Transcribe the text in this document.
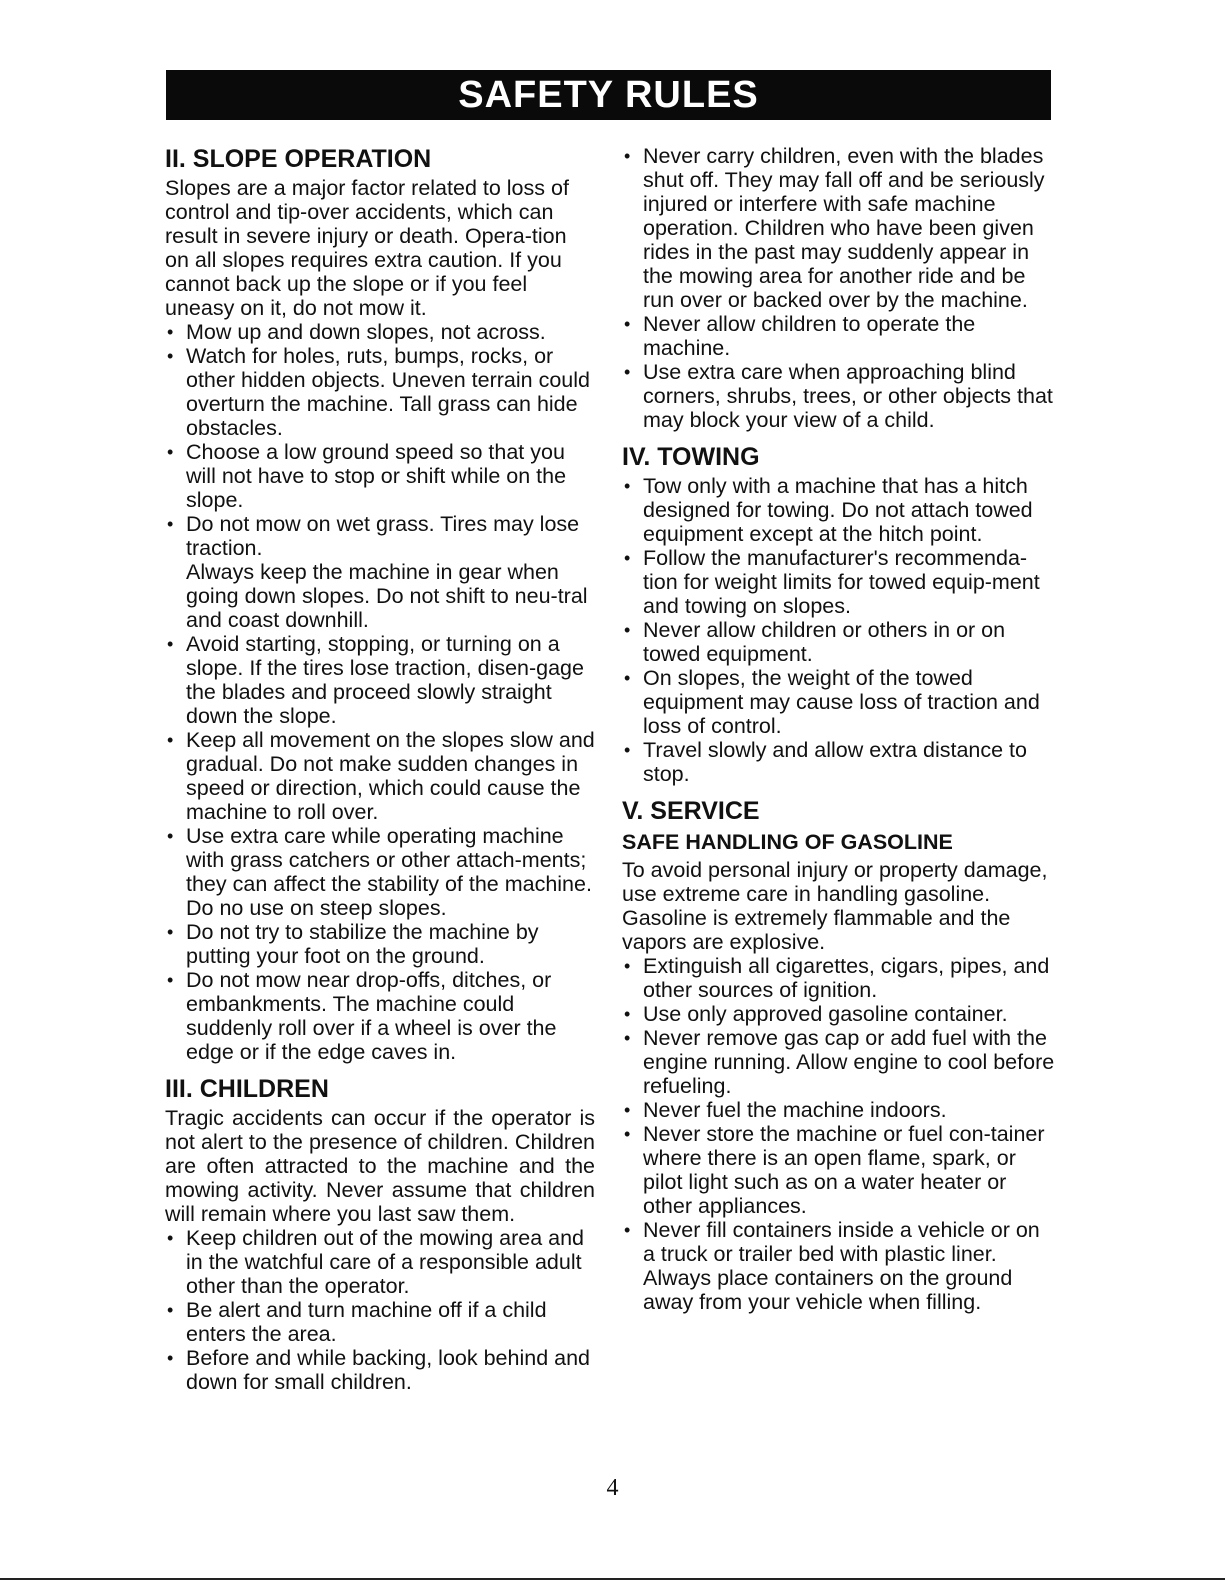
SAFETY RULES
II. SLOPE OPERATION

Slopes are a major factor related to loss of control and tip-over accidents, which can result in severe injury or death. Opera-tion on all slopes requires extra caution. If you cannot back up the slope or if you feel uneasy on it, do not mow it.

• Mow up and down slopes, not across.
• Watch for holes, ruts, bumps, rocks, or other hidden objects. Uneven terrain could overturn the machine. Tall grass can hide obstacles.
• Choose a low ground speed so that you will not have to stop or shift while on the slope.
• Do not mow on wet grass. Tires may lose traction.
Always keep the machine in gear when going down slopes. Do not shift to neu-tral and coast downhill.
• Avoid starting, stopping, or turning on a slope. If the tires lose traction, disen-gage the blades and proceed slowly straight down the slope.
• Keep all movement on the slopes slow and gradual. Do not make sudden changes in speed or direction, which could cause the machine to roll over.
• Use extra care while operating machine with grass catchers or other attach-ments; they can affect the stability of the machine. Do no use on steep slopes.
• Do not try to stabilize the machine by putting your foot on the ground.
• Do not mow near drop-offs, ditches, or embankments. The machine could suddenly roll over if a wheel is over the edge or if the edge caves in.
III. CHILDREN

Tragic accidents can occur if the operator is not alert to the presence of children. Children are often attracted to the machine and the mowing activity. Never assume that children will remain where you last saw them.

• Keep children out of the mowing area and in the watchful care of a responsible adult other than the operator.
• Be alert and turn machine off if a child enters the area.
• Before and while backing, look behind and down for small children.
• Never carry children, even with the blades shut off. They may fall off and be seriously injured or interfere with safe machine operation. Children who have been given rides in the past may suddenly appear in the mowing area for another ride and be run over or backed over by the machine.
• Never allow children to operate the machine.
• Use extra care when approaching blind corners, shrubs, trees, or other objects that may block your view of a child.
IV. TOWING
• Tow only with a machine that has a hitch designed for towing. Do not attach towed equipment except at the hitch point.
• Follow the manufacturer's recommenda-tion for weight limits for towed equip-ment and towing on slopes.
• Never allow children or others in or on towed equipment.
• On slopes, the weight of the towed equipment may cause loss of traction and loss of control.
• Travel slowly and allow extra distance to stop.
V. SERVICE
SAFE HANDLING OF GASOLINE

To avoid personal injury or property damage, use extreme care in handling gasoline. Gasoline is extremely flammable and the vapors are explosive.

• Extinguish all cigarettes, cigars, pipes, and other sources of ignition.
• Use only approved gasoline container.
• Never remove gas cap or add fuel with the engine running. Allow engine to cool before refueling.
• Never fuel the machine indoors.
• Never store the machine or fuel con-tainer where there is an open flame, spark, or pilot light such as on a water heater or other appliances.
• Never fill containers inside a vehicle or on a truck or trailer bed with plastic liner. Always place containers on the ground away from your vehicle when filling.
4
